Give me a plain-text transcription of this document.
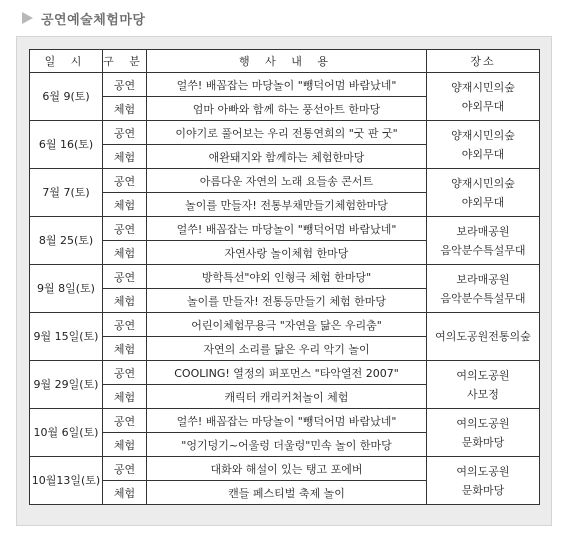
공연예술체험마당
일 시	구 분	행 사 내 용	장소
6월 9(토)	공연	얼쑤! 배꼽잡는 마당놀이 "뺑덕어멈 바람났네"	양재시민의숲
야외무대
	체험	엄마 아빠와 함께 하는 풍선아트 한마당	
6월 16(토)	공연	이야기로 풀어보는 우리 전통연희의 "굿 판 굿"	양재시민의숲
야외무대
	체험	애완돼지와 함께하는 체험한마당	
7월 7(토)	공연	아름다운 자연의 노래 요들송 콘서트	양재시민의숲
야외무대
	체험	놀이를 만들자! 전통부채만들기체험한마당	
8월 25(토)	공연	얼쑤! 배꼽잡는 마당놀이 "뺑덕어멈 바람났네"	보라매공원
음악분수특설무대
	체험	자연사랑 놀이체험 한마당	
9월 8일(토)	공연	방학특선"야외 인형극 체험 한마당"	보라매공원
음악분수특설무대
	체험	놀이를 만들자! 전통등만들기 체험 한마당	
9월 15일(토)	공연	어린이체험무용극 "자연을 닮은 우리춤"	여의도공원전통의숲
	체험	자연의 소리를 닮은 우리 악기 놀이	
9월 29일(토)	공연	COOLING! 열정의 퍼포먼스 "타악열전 2007"	여의도공원
사모정
	체험	캐릭터 캐리커처놀이 체험	
10월 6일(토)	공연	얼쑤! 배꼽잡는 마당놀이 "뺑덕어멈 바람났네"	여의도공원
문화마당
	체험	"엉기덩기~어울렁 더울렁"민속 놀이 한마당	
10월13일(토)	공연	대화와 해설이 있는 탱고 포에버	여의도공원
문화마당
	체험	캔들 페스티벌 축제 놀이	
